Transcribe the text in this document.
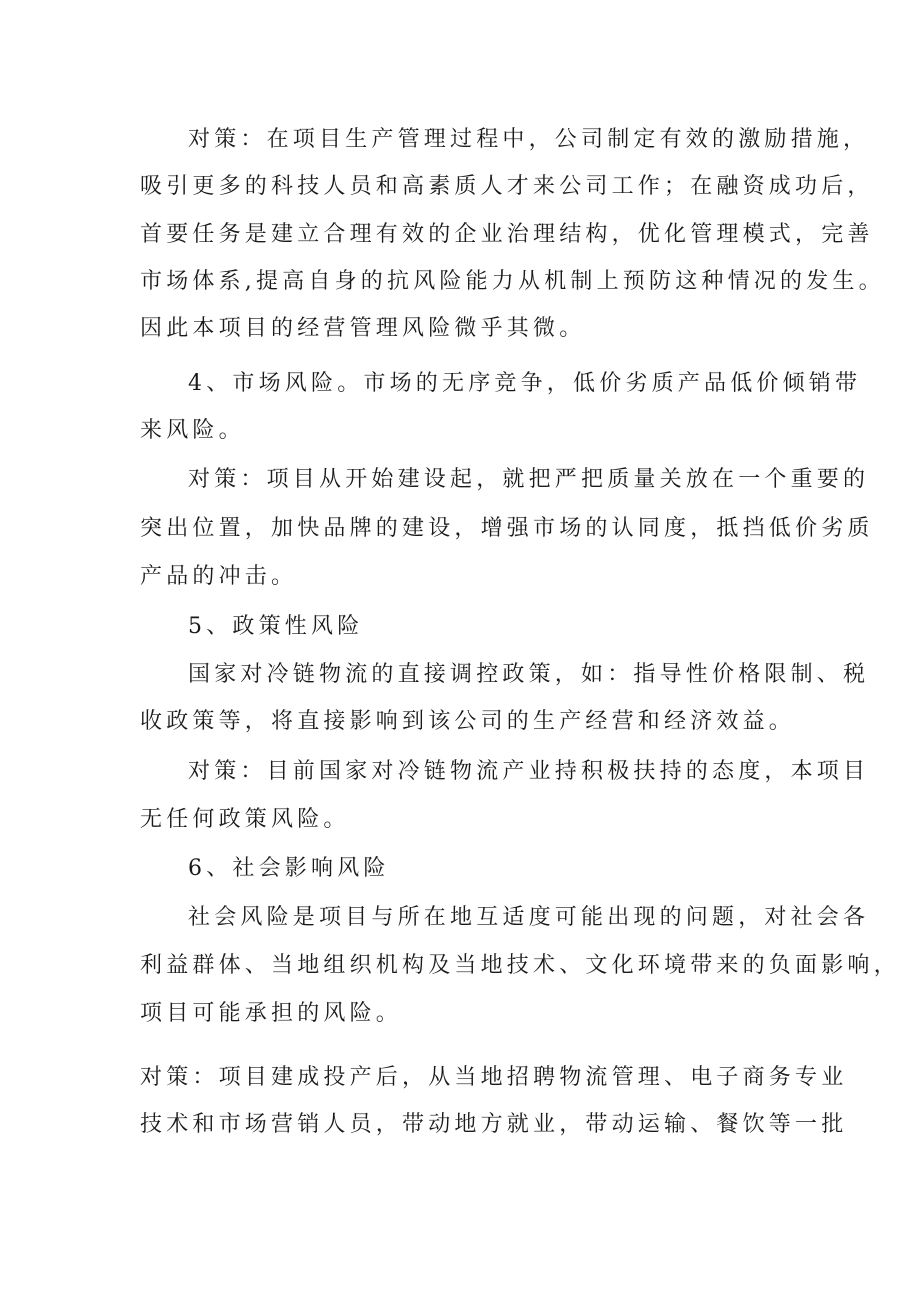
对策：在项目生产管理过程中，公司制定有效的激励措施，
吸引更多的科技人员和高素质人才来公司工作；在融资成功后，
首要任务是建立合理有效的企业治理结构，优化管理模式，完善
市场体系,提高自身的抗风险能力从机制上预防这种情况的发生。
因此本项目的经营管理风险微乎其微。
4、市场风险。市场的无序竞争，低价劣质产品低价倾销带
来风险。
对策：项目从开始建设起，就把严把质量关放在一个重要的
突出位置，加快品牌的建设，增强市场的认同度，抵挡低价劣质
产品的冲击。
5、政策性风险
国家对冷链物流的直接调控政策，如：指导性价格限制、税
收政策等，将直接影响到该公司的生产经营和经济效益。
对策：目前国家对冷链物流产业持积极扶持的态度，本项目
无任何政策风险。
6、社会影响风险
社会风险是项目与所在地互适度可能出现的问题，对社会各
利益群体、当地组织机构及当地技术、文化环境带来的负面影响，
项目可能承担的风险。
对策：项目建成投产后，从当地招聘物流管理、电子商务专业
技术和市场营销人员，带动地方就业，带动运输、餐饮等一批
